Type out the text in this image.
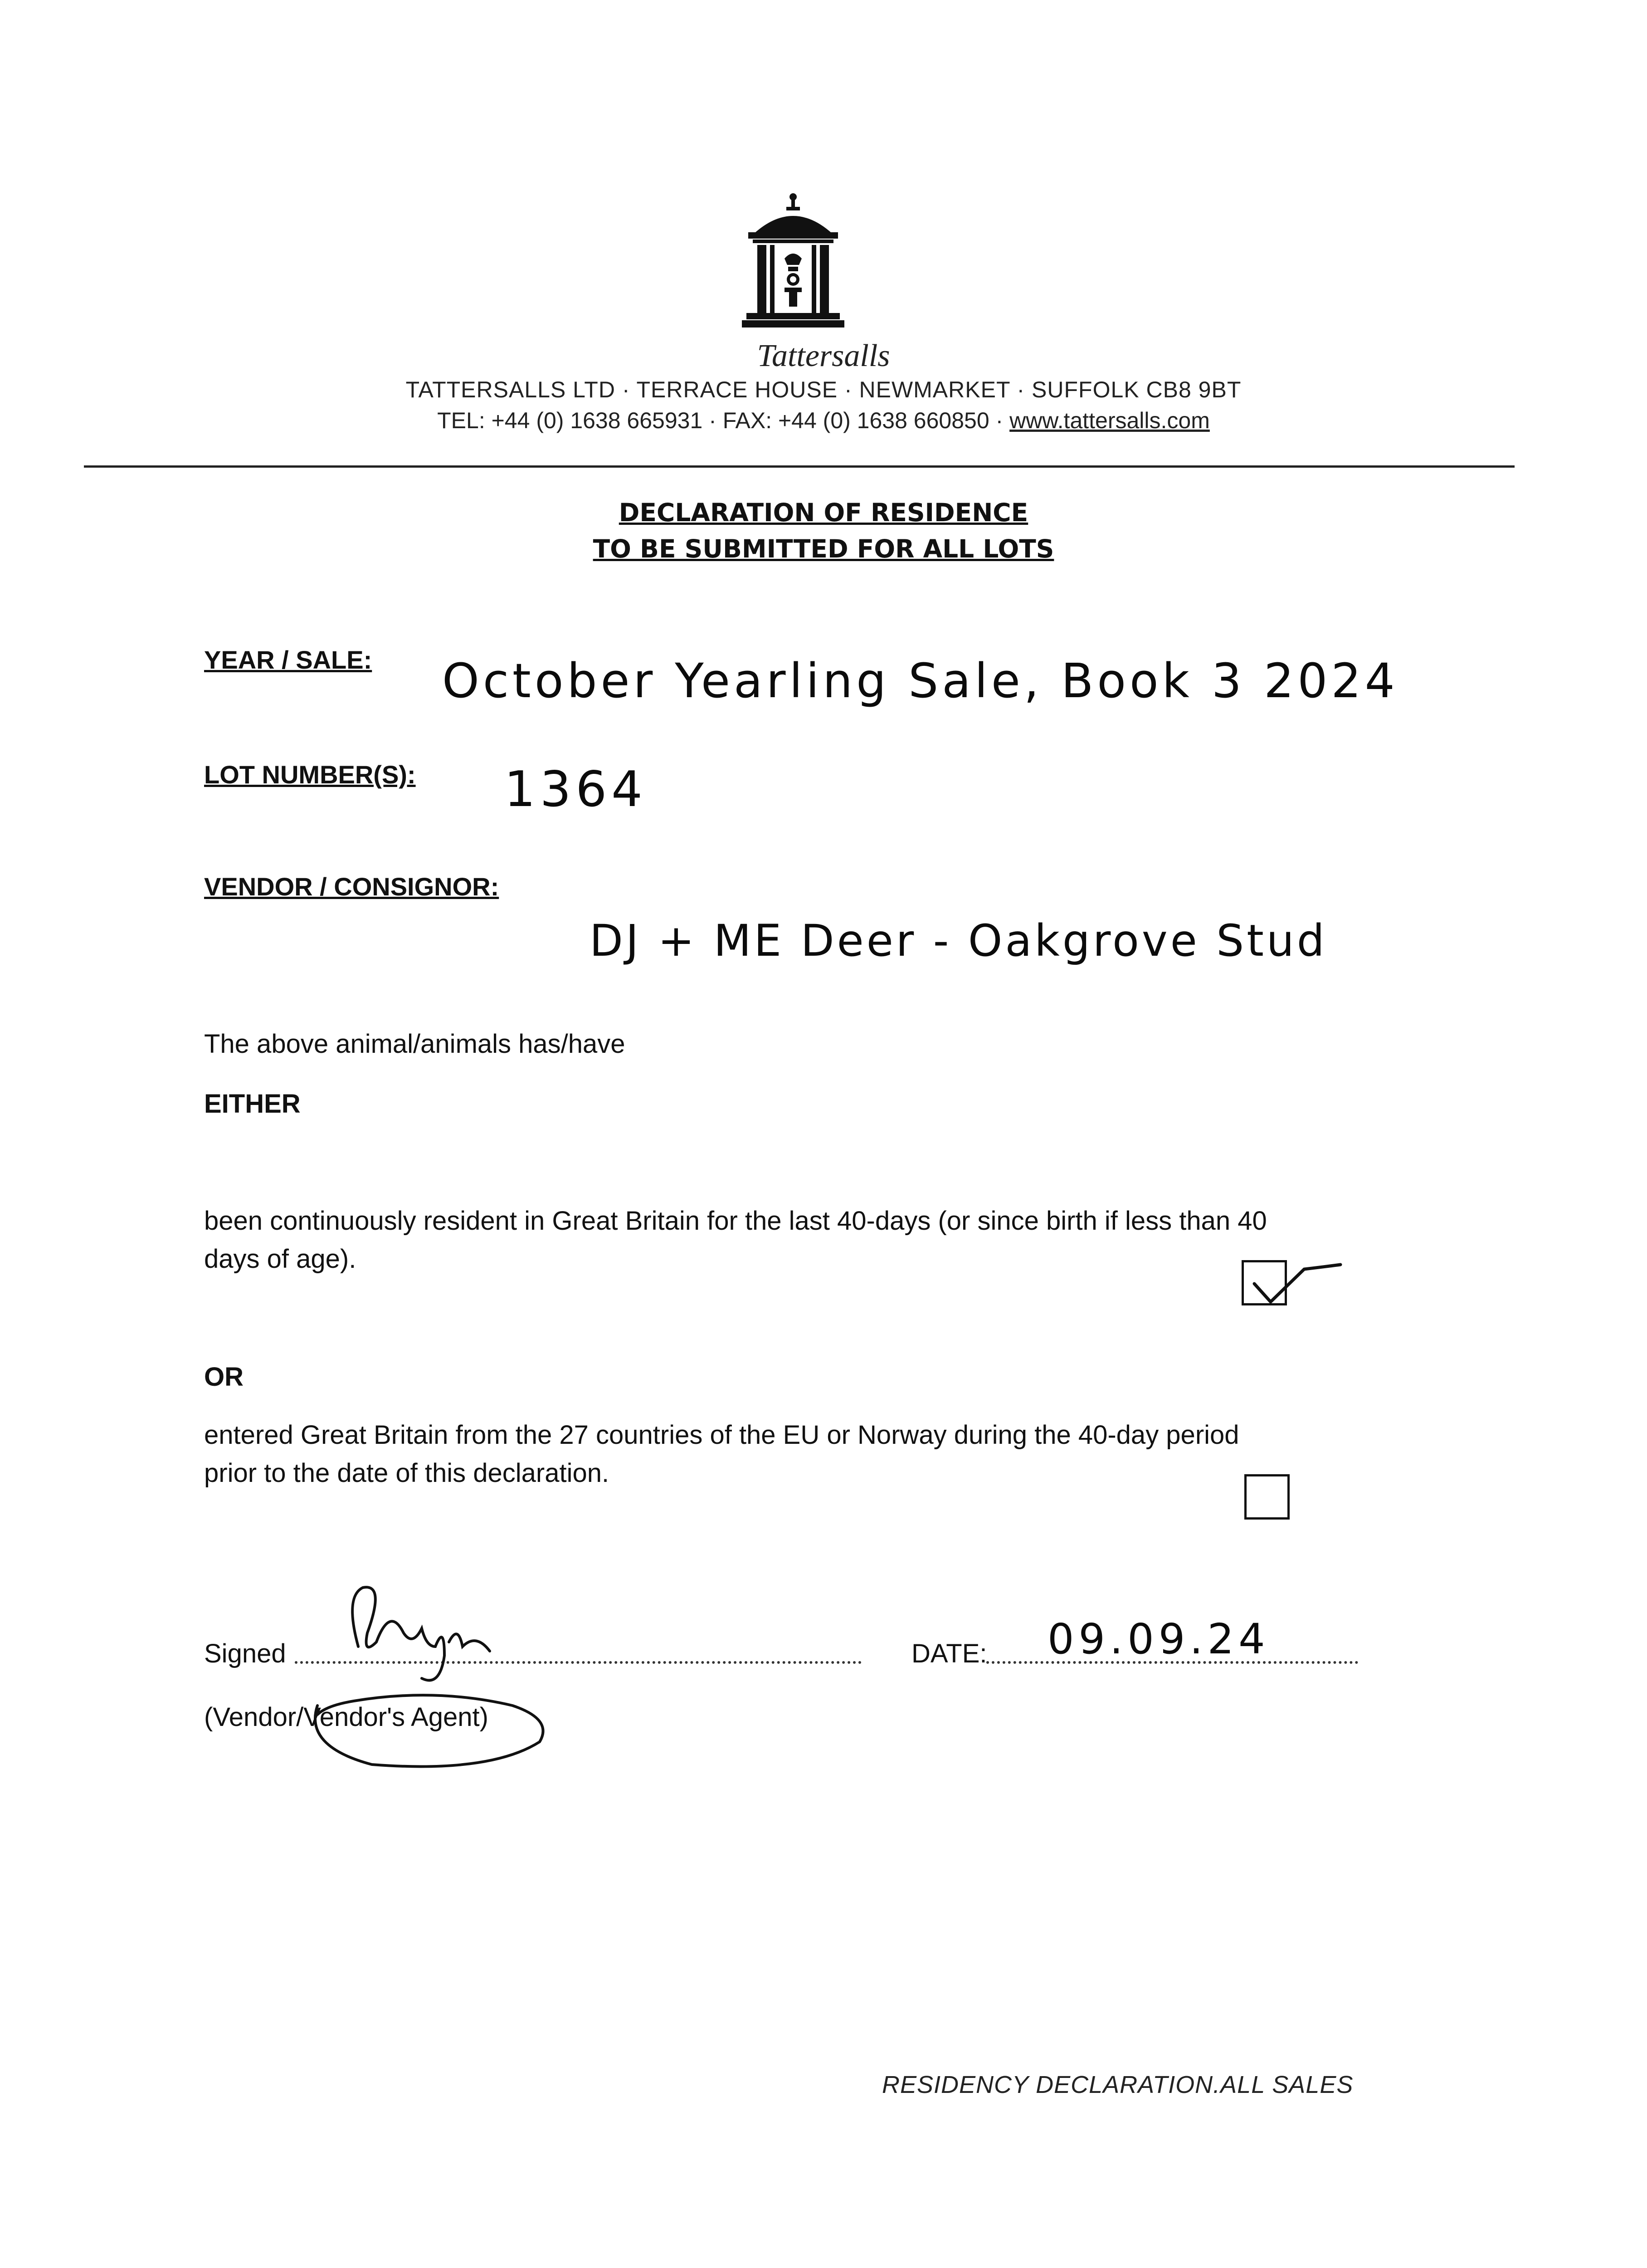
Tattersalls
TATTERSALLS LTD · TERRACE HOUSE · NEWMARKET · SUFFOLK CB8 9BT
TEL: +44 (0) 1638 665931 · FAX: +44 (0) 1638 660850 · www.tattersalls.com
DECLARATION OF RESIDENCE
TO BE SUBMITTED FOR ALL LOTS
YEAR / SALE: October Yearling Sale, Book 3 2024
LOT NUMBER(S): 1364
VENDOR / CONSIGNOR:
DJ + ME Deer - Oakgrove Stud
The above animal/animals has/have
EITHER
been continuously resident in Great Britain for the last 40-days (or since birth if less than 40
days of age).
OR
entered Great Britain from the 27 countries of the EU or Norway during the 40-day period
prior to the date of this declaration.
Signed
(Vendor/Vendor's Agent)
DATE: 09.09.24
RESIDENCY DECLARATION.ALL SALES
